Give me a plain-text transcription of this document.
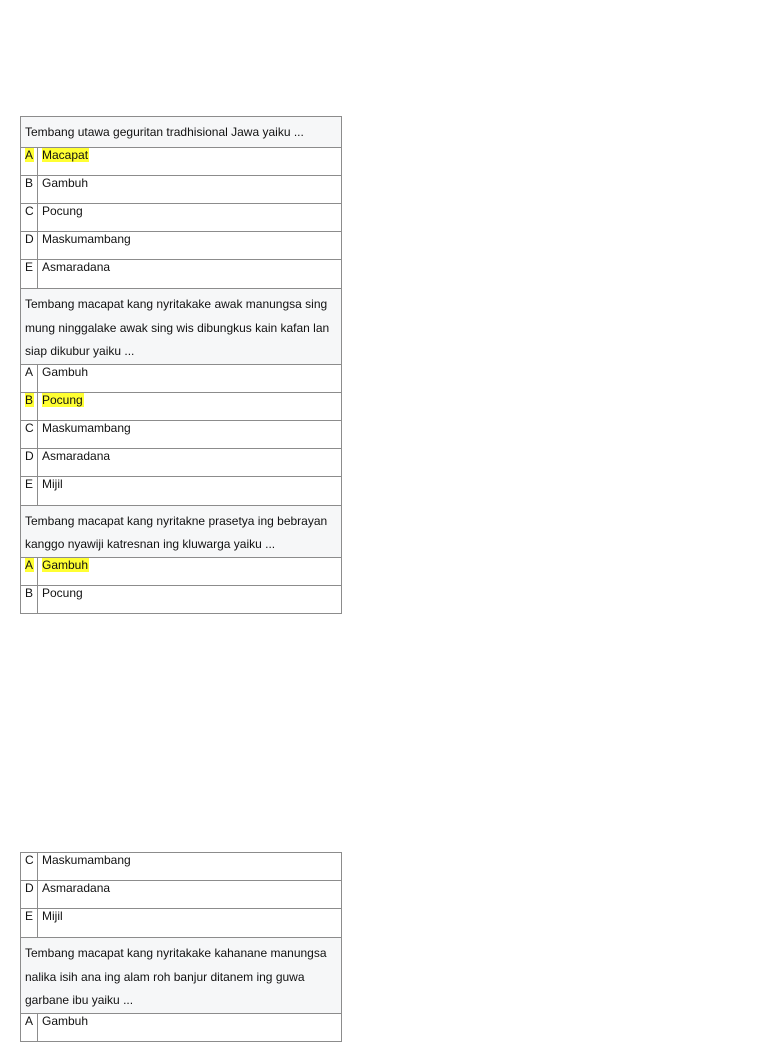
Tembang utawa geguritan tradhisional Jawa yaiku ...	
A	Macapat
B	Gambuh
C	Pocung
D	Maskumambang
E	Asmaradana
Tembang macapat kang nyritakake awak manungsa sing mung ninggalake awak sing wis dibungkus kain kafan lan siap dikubur yaiku ...	
A	Gambuh
B	Pocung
C	Maskumambang
D	Asmaradana
E	Mijil
Tembang macapat kang nyritakne prasetya ing bebrayan kanggo nyawiji katresnan ing kluwarga yaiku ...	
A	Gambuh
B	Pocung
C	Maskumambang
D	Asmaradana
E	Mijil
Tembang macapat kang nyritakake kahanane manungsa nalika isih ana ing alam roh banjur ditanem ing guwa garbane ibu yaiku ...	
A	Gambuh
